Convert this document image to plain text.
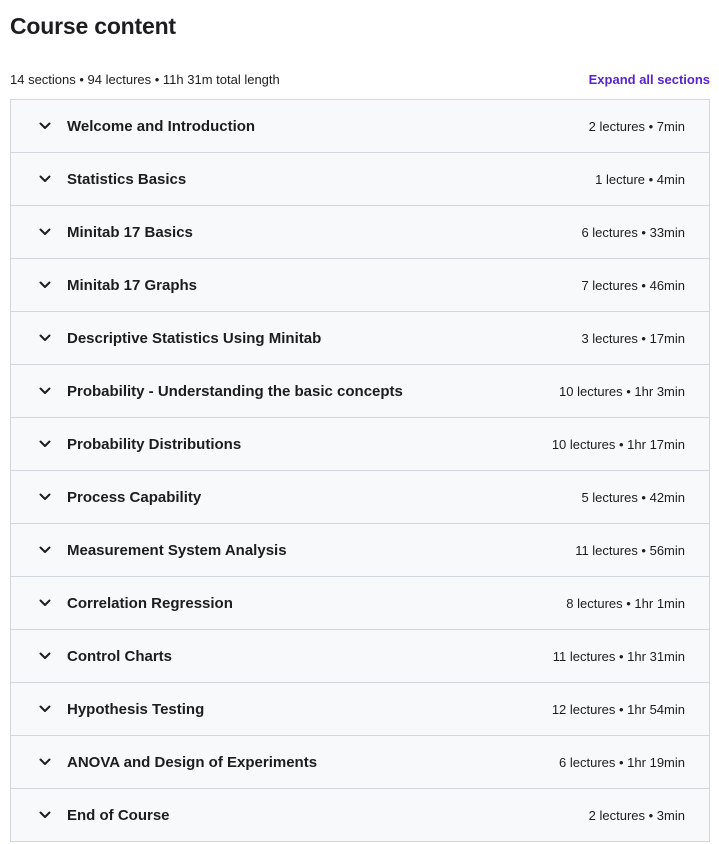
Course content
14 sections • 94 lectures • 11h 31m total length	Expand all sections
Welcome and Introduction	2 lectures • 7min
Statistics Basics	1 lecture • 4min
Minitab 17 Basics	6 lectures • 33min
Minitab 17 Graphs	7 lectures • 46min
Descriptive Statistics Using Minitab	3 lectures • 17min
Probability - Understanding the basic concepts	10 lectures • 1hr 3min
Probability Distributions	10 lectures • 1hr 17min
Process Capability	5 lectures • 42min
Measurement System Analysis	11 lectures • 56min
Correlation Regression	8 lectures • 1hr 1min
Control Charts	11 lectures • 1hr 31min
Hypothesis Testing	12 lectures • 1hr 54min
ANOVA and Design of Experiments	6 lectures • 1hr 19min
End of Course	2 lectures • 3min
